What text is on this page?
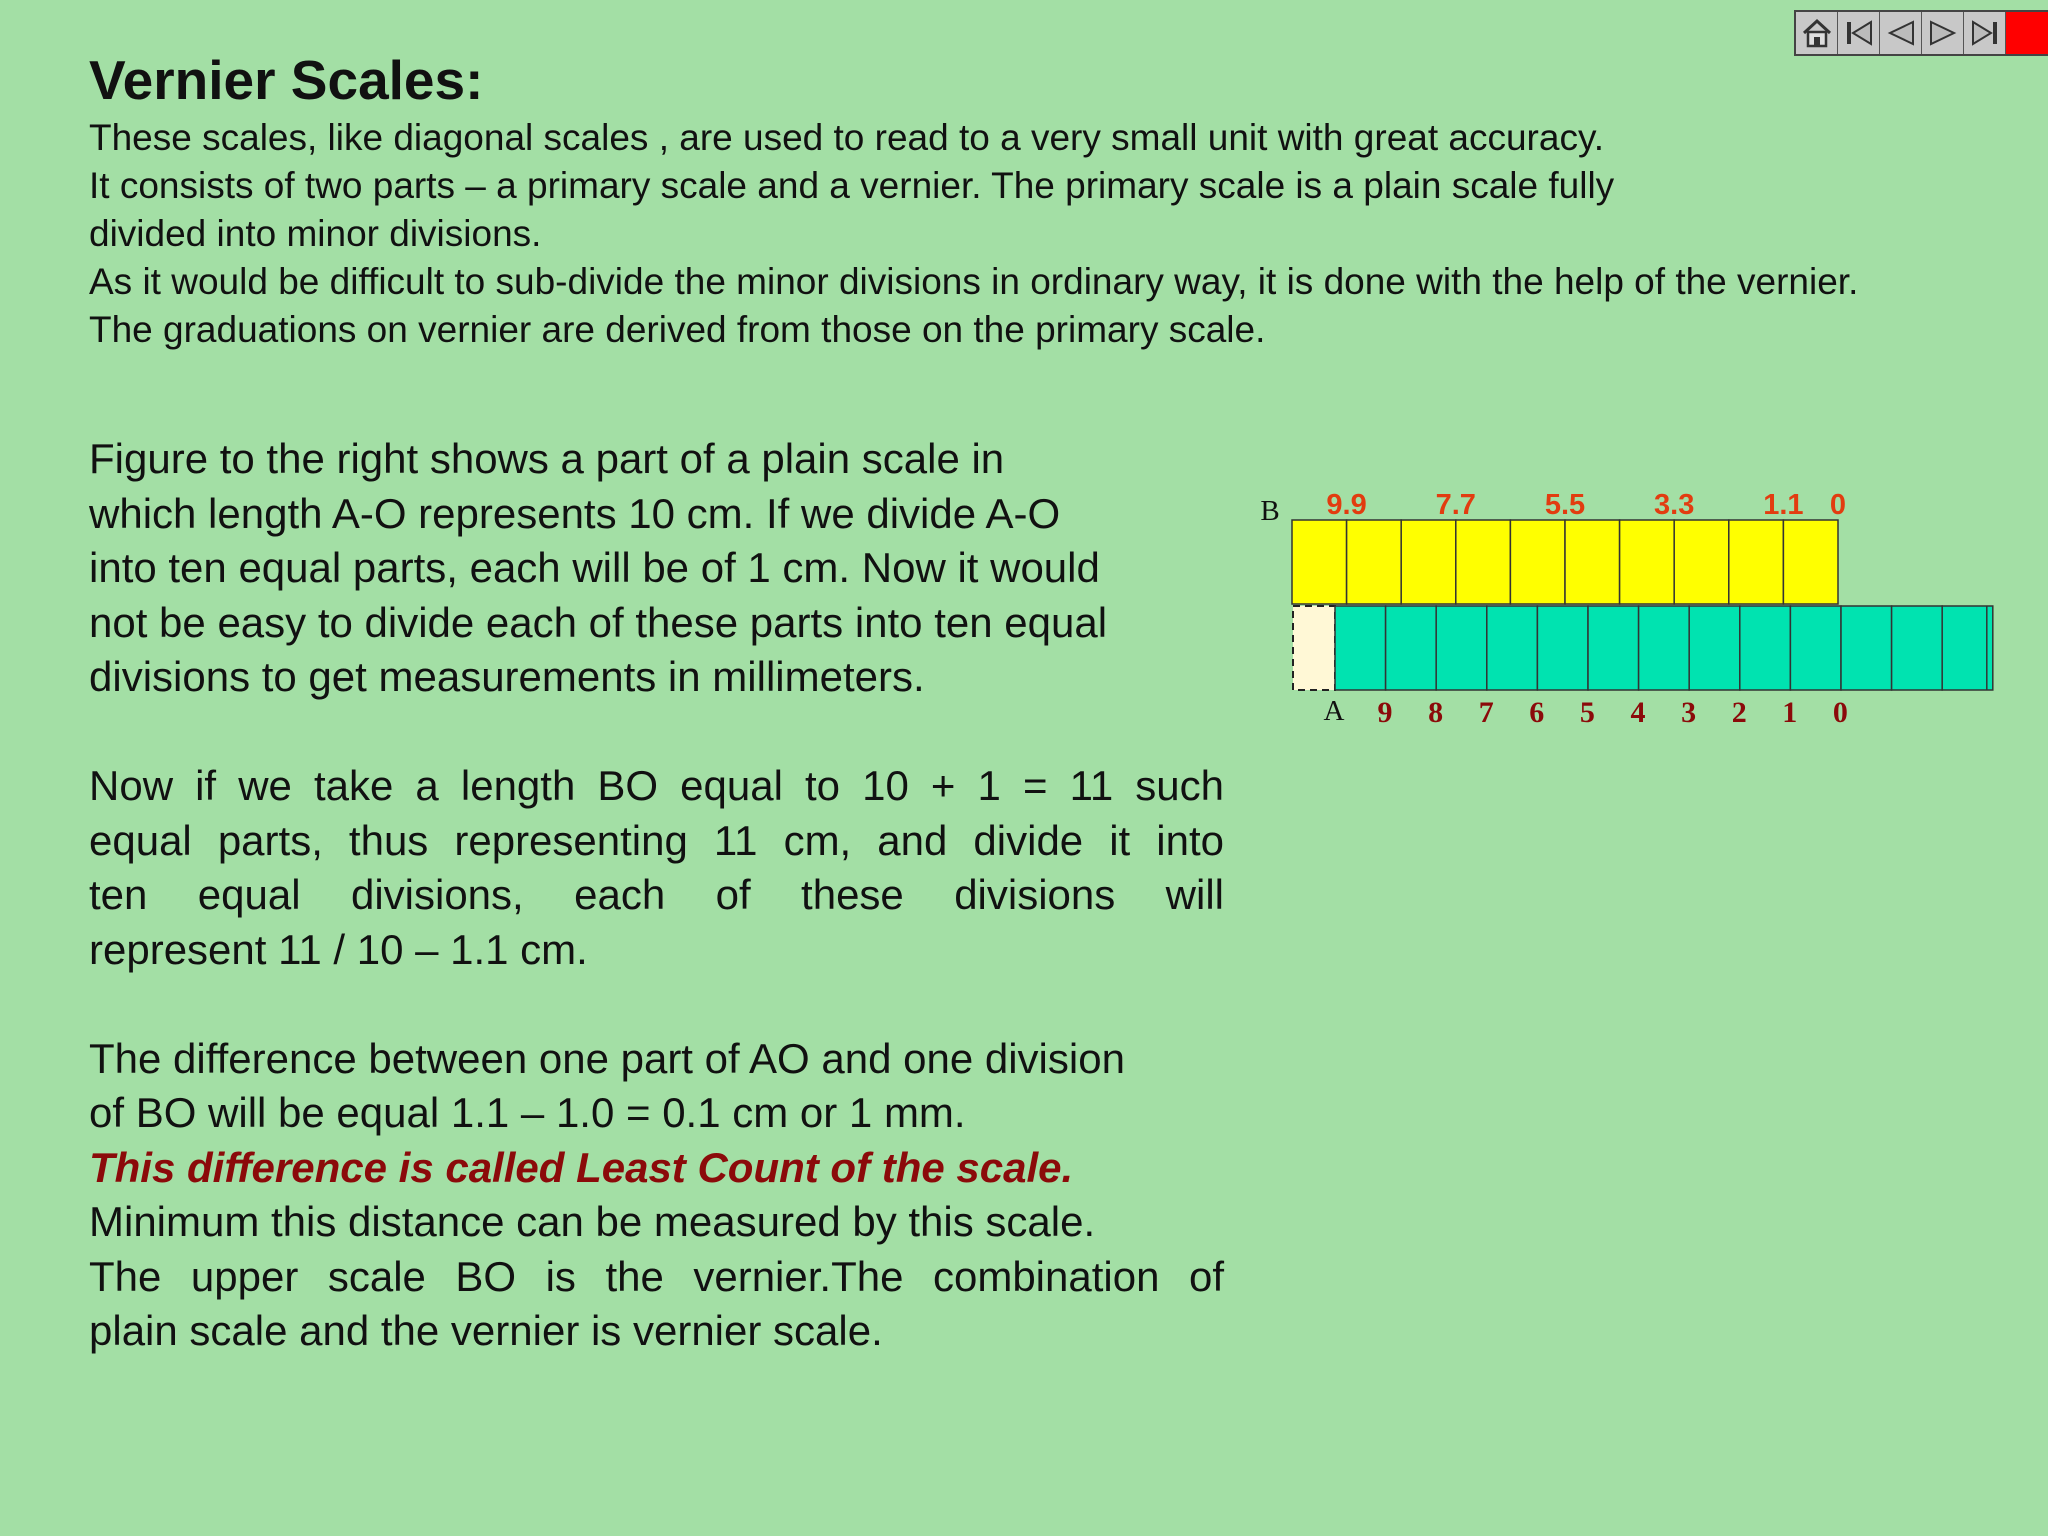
Vernier Scales:

These scales, like diagonal scales , are used to read to a very small unit with great accuracy.

It consists of two parts – a primary scale and a vernier. The primary scale is a plain scale fully

divided into minor divisions.

As it would be difficult to sub-divide the minor divisions in ordinary way, it is done with the help of the vernier.

The graduations on vernier are derived from those on the primary scale.

Figure to the right shows a part of a plain scale in

which length A-O represents 10 cm. If we divide A-O

into ten equal parts, each will be of 1 cm. Now it would

not be easy to divide each of these parts into ten equal

divisions to get measurements in millimeters.

Now if we take a length BO equal to 10 + 1 = 11 such

equal parts, thus representing 11 cm, and divide it into

ten equal divisions, each of these divisions will

represent 11 / 10 – 1.1 cm.

The difference between one part of AO and one division

of BO will be equal 1.1 – 1.0 = 0.1 cm or 1 mm.

This difference is called Least Count of the scale.

Minimum this distance can be measured by this scale.

The upper scale BO is the vernier.The combination of

plain scale and the vernier is vernier scale.

B
A
9.9 7.7 5.5 3.3 1.1 0
9 8 7 6 5 4 3 2 1 0
